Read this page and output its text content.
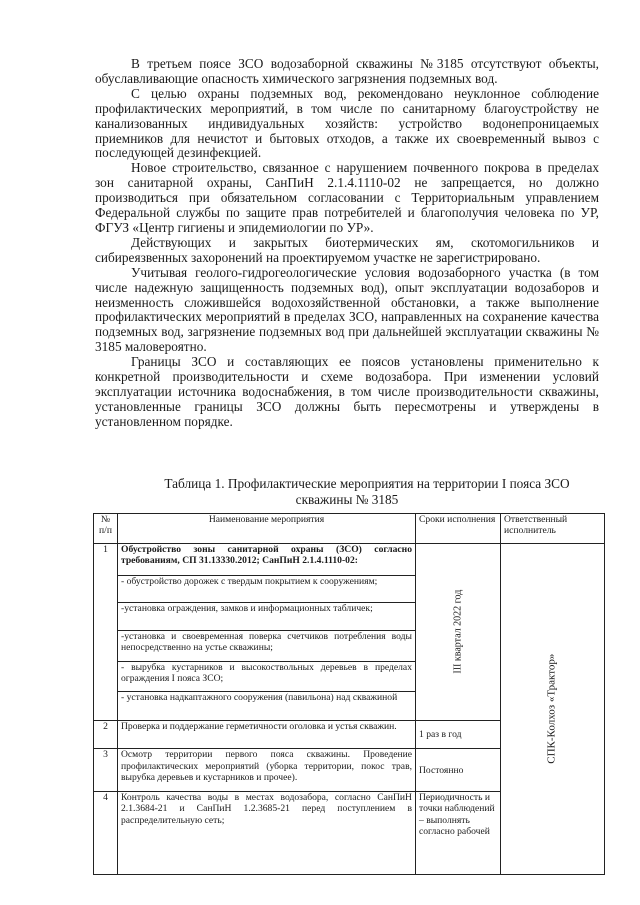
В третьем поясе ЗСО водозаборной скважины №3185 отсутствуют объекты, обуславливающие опасность химического загрязнения подземных вод.

С целью охраны подземных вод, рекомендовано неуклонное соблюдение профилактических мероприятий, в том числе по санитарному благоустройству не канализованных индивидуальных хозяйств: устройство водонепроницаемых приемников для нечистот и бытовых отходов, а также их своевременный вывоз с последующей дезинфекцией.

Новое строительство, связанное с нарушением почвенного покрова в пределах зон санитарной охраны, СанПиН 2.1.4.1110-02 не запрещается, но должно производиться при обязательном согласовании с Территориальным управлением Федеральной службы по защите прав потребителей и благополучия человека по УР, ФГУЗ «Центр гигиены и эпидемиологии по УР».

Действующих и закрытых биотермических ям, скотомогильников и сибиреязвенных захоронений на проектируемом участке не зарегистрировано.

Учитывая геолого-гидрогеологические условия водозаборного участка (в том числе надежную защищенность подземных вод), опыт эксплуатации водозаборов и неизменность сложившейся водохозяйственной обстановки, а также выполнение профилактических мероприятий в пределах ЗСО, направленных на сохранение качества подземных вод, загрязнение подземных вод при дальнейшей эксплуатации скважины № 3185 маловероятно.

Границы ЗСО и составляющих ее поясов установлены применительно к конкретной производительности и схеме водозабора. При изменении условий эксплуатации источника водоснабжения, в том числе производительности скважины, установленные границы ЗСО должны быть пересмотрены и утверждены в установленном порядке.

Таблица 1. Профилактические мероприятия на территории I пояса ЗСО
скважины № 3185
№ п/п	Наименование мероприятия	Сроки исполнения	Ответственный исполнитель
1	Обустройство зоны санитарной охраны (ЗСО) согласно требованиям, СП 31.13330.2012; СанПиН 2.1.4.1110-02:	III квартал 2022 год	СПК-Колхоз «Трактор»

	- обустройство дорожек с твердым покрытием к сооружениям;		
	-установка ограждения, замков и информационных табличек;		
	-установка и своевременная поверка счетчиков потребления воды непосредственно на устье скважины;		
	- вырубка кустарников и высокоствольных деревьев в пределах ограждения I пояса ЗСО;		
	- установка надкаптажного сооружения (павильона) над скважиной		
2	Проверка и поддержание герметичности оголовка и устья скважин.	1 раз в год	
3	Осмотр территории первого пояса скважины. Проведение профилактических мероприятий (уборка территории, покос трав, вырубка деревьев и кустарников и прочее).	Постоянно	
4	Контроль качества воды в местах водозабора, согласно СанПиН 2.1.3684-21 и СанПиН 1.2.3685-21 перед поступлением в распределительную сеть;	Периодичность и точки наблюдений – выполнять согласно рабочей	
